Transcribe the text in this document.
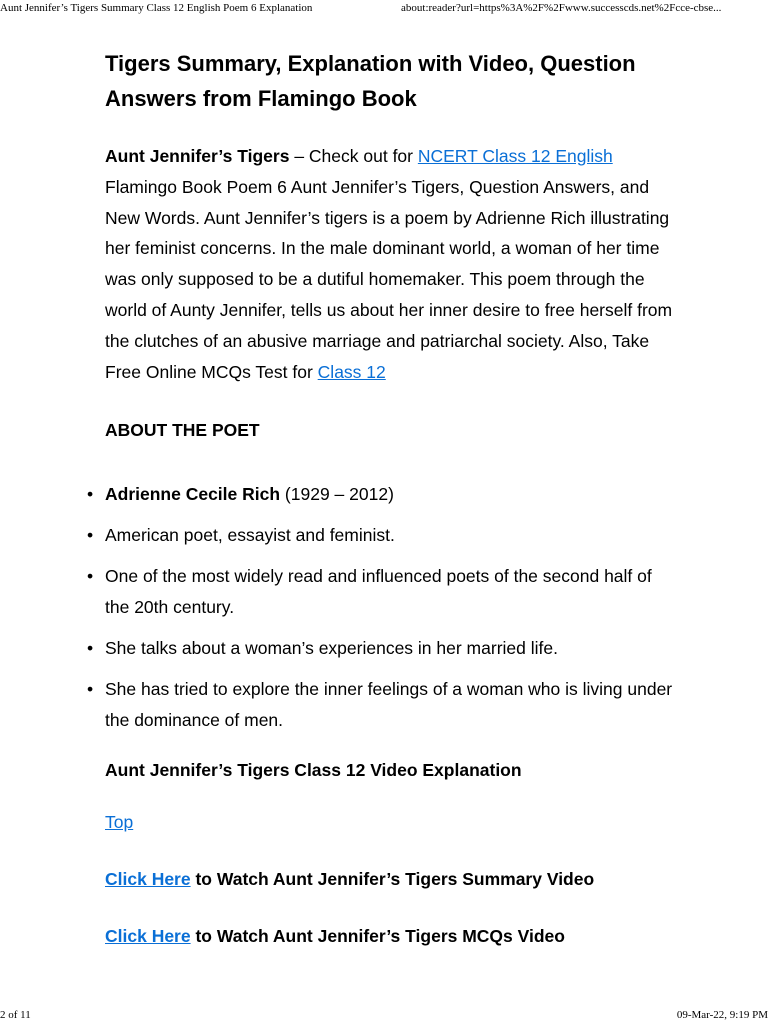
Aunt Jennifer’s Tigers Summary Class 12 English Poem 6 Explanation	about:reader?url=https%3A%2F%2Fwww.successcds.net%2Fcce-cbse...
Tigers Summary, Explanation with Video, Question Answers from Flamingo Book

Aunt Jennifer’s Tigers – Check out for NCERT Class 12 English Flamingo Book Poem 6 Aunt Jennifer’s Tigers, Question Answers, and New Words. Aunt Jennifer’s tigers is a poem by Adrienne Rich illustrating her feminist concerns. In the male dominant world, a woman of her time was only supposed to be a dutiful homemaker. This poem through the world of Aunty Jennifer, tells us about her inner desire to free herself from the clutches of an abusive marriage and patriarchal society. Also, Take Free Online MCQs Test for Class 12

ABOUT THE POET
• Adrienne Cecile Rich (1929 – 2012)
• American poet, essayist and feminist.
• One of the most widely read and influenced poets of the second half of the 20th century.
• She talks about a woman’s experiences in her married life.
• She has tried to explore the inner feelings of a woman who is living under the dominance of men.
Aunt Jennifer’s Tigers Class 12 Video Explanation
Top
Click Here to Watch Aunt Jennifer’s Tigers Summary Video
Click Here to Watch Aunt Jennifer’s Tigers MCQs Video
2 of 11	09-Mar-22, 9:19 PM
